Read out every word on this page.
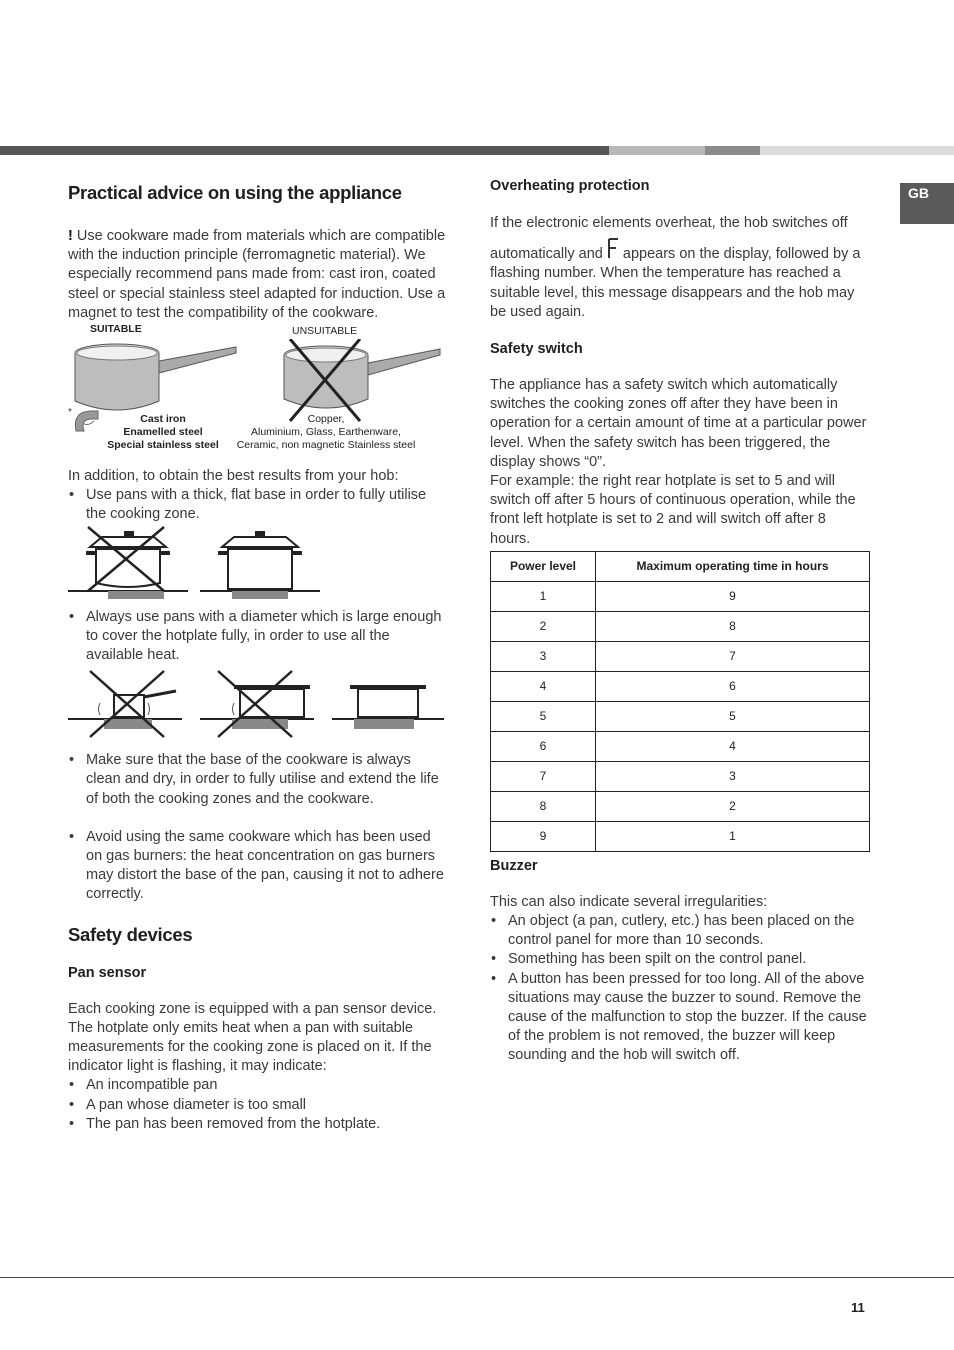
GB
Practical advice on using the appliance

! Use cookware made from materials which are compatible with the induction principle (ferromagnetic material). We especially recommend pans made from: cast iron, coated steel or special stainless steel adapted for induction. Use a magnet to test the compatibility of the cookware.

SUITABLE	UNSUITABLE
*
Cast iron
Enamelled steel
Special stainless steel
Copper,
Aluminium, Glass, Earthenware,
Ceramic, non magnetic Stainless steel

In addition, to obtain the best results from your hob:

• Use pans with a thick, flat base in order to fully utilise the cooking zone.
• Always use pans with a diameter which is large enough to cover the hotplate fully, in order to use all the available heat.
• Make sure that the base of the cookware is always clean and dry, in order to fully utilise and extend the life of both the cooking zones and the cookware.
• Avoid using the same cookware which has been used on gas burners: the heat concentration on gas burners may distort the base of the pan, causing it not to adhere correctly.
Safety devices
Pan sensor

Each cooking zone is equipped with a pan sensor device. The hotplate only emits heat when a pan with suitable measurements for the cooking zone is placed on it. If the indicator light is flashing, it may indicate:

• An incompatible pan
• A pan whose diameter is too small
• The pan has been removed from the hotplate.
Overheating protection

If the electronic elements overheat, the hob switches off

automatically and appears on the display, followed by a flashing number. When the temperature has reached a suitable level, this message disappears and the hob may be used again.

Safety switch

The appliance has a safety switch which automatically switches the cooking zones off after they have been in operation for a certain amount of time at a particular power level. When the safety switch has been triggered, the display shows “0”.

For example: the right rear hotplate is set to 5 and will switch off after 5 hours of continuous operation, while the front left hotplate is set to 2 and will switch off after 8 hours.

Power level	Maximum operating time in hours
1	9
2	8
3	7
4	6
5	5
6	4
7	3
8	2
9	1
Buzzer

This can also indicate several irregularities:

• An object (a pan, cutlery, etc.) has been placed on the control panel for more than 10 seconds.
• Something has been spilt on the control panel.
• A button has been pressed for too long. All of the above situations may cause the buzzer to sound. Remove the cause of the malfunction to stop the buzzer. If the cause of the problem is not removed, the buzzer will keep sounding and the hob will switch off.
11
